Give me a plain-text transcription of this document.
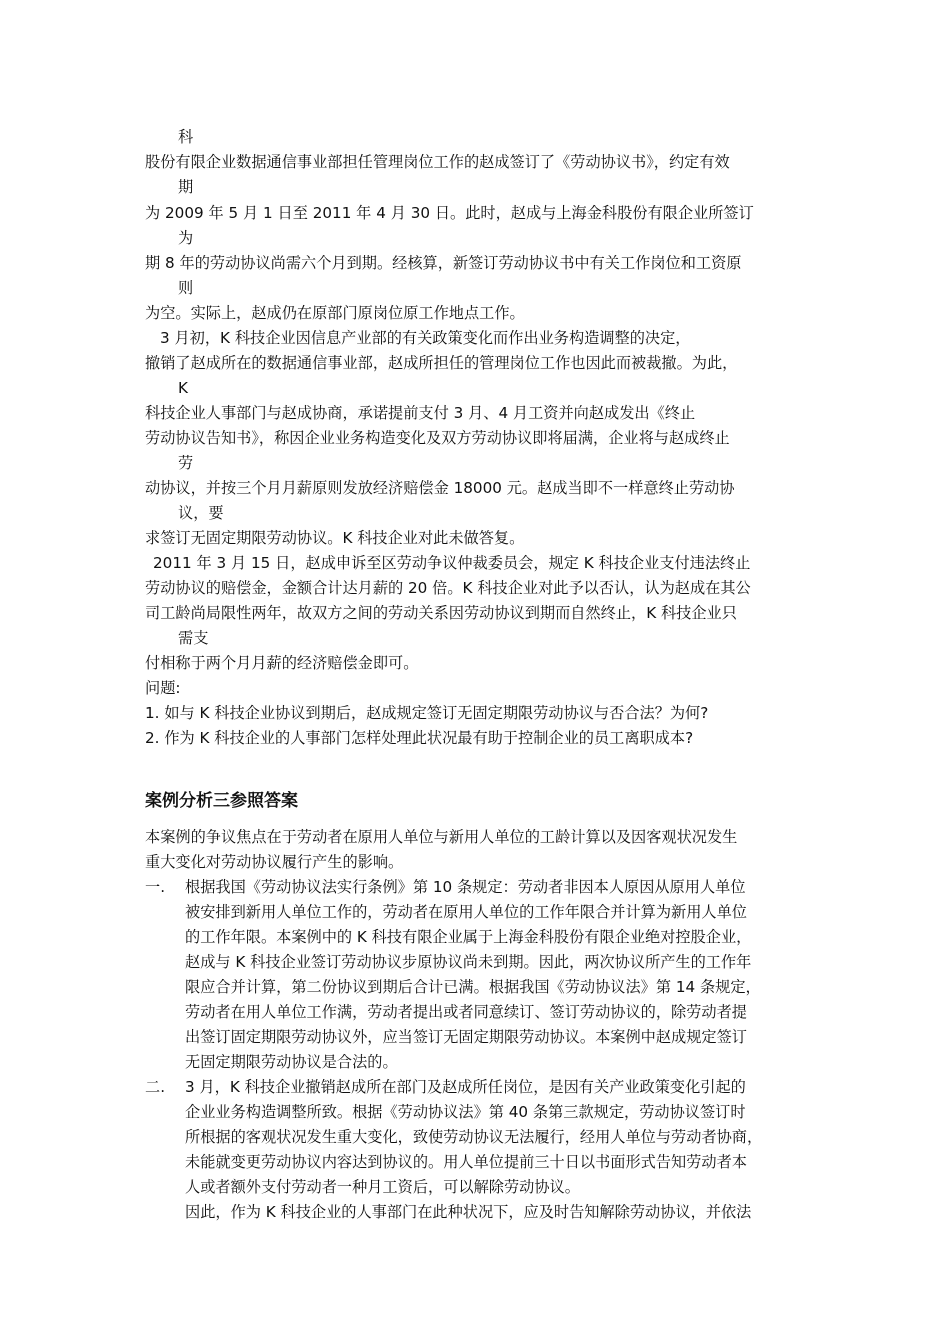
科

股份有限企业数据通信事业部担任管理岗位工作的赵成签订了《劳动协议书》，约定有效

期

为 2009 年 5 月 1 日至 2011 年 4 月 30 日。此时，赵成与上海金科股份有限企业所签订

为

期 8 年的劳动协议尚需六个月到期。经核算，新签订劳动协议书中有关工作岗位和工资原

则

为空。实际上，赵成仍在原部门原岗位原工作地点工作。

3 月初，K 科技企业因信息产业部的有关政策变化而作出业务构造调整的决定，

撤销了赵成所在的数据通信事业部，赵成所担任的管理岗位工作也因此而被裁撤。为此，

K

科技企业人事部门与赵成协商，承诺提前支付 3 月、4 月工资并向赵成发出《终止

劳动协议告知书》，称因企业业务构造变化及双方劳动协议即将届满，企业将与赵成终止

劳

动协议，并按三个月月薪原则发放经济赔偿金 18000 元。赵成当即不一样意终止劳动协

议，要

求签订无固定期限劳动协议。K 科技企业对此未做答复。

2011 年 3 月 15 日，赵成申诉至区劳动争议仲裁委员会，规定 K 科技企业支付违法终止

劳动协议的赔偿金，金额合计达月薪的 20 倍。K 科技企业对此予以否认，认为赵成在其公

司工龄尚局限性两年，故双方之间的劳动关系因劳动协议到期而自然终止，K 科技企业只

需支

付相称于两个月月薪的经济赔偿金即可。

问题:

1. 如与 K 科技企业协议到期后，赵成规定签订无固定期限劳动协议与否合法？为何?

2. 作为 K 科技企业的人事部门怎样处理此状况最有助于控制企业的员工离职成本?

案例分析三参照答案

本案例的争议焦点在于劳动者在原用人单位与新用人单位的工龄计算以及因客观状况发生

重大变化对劳动协议履行产生的影响。

一. 根据我国《劳动协议法实行条例》第 10 条规定：劳动者非因本人原因从原用人单位

被安排到新用人单位工作的，劳动者在原用人单位的工作年限合并计算为新用人单位

的工作年限。本案例中的 K 科技有限企业属于上海金科股份有限企业绝对控股企业，

赵成与 K 科技企业签订劳动协议步原协议尚未到期。因此，两次协议所产生的工作年

限应合并计算，第二份协议到期后合计已满。根据我国《劳动协议法》第 14 条规定，

劳动者在用人单位工作满，劳动者提出或者同意续订、签订劳动协议的，除劳动者提

出签订固定期限劳动协议外，应当签订无固定期限劳动协议。本案例中赵成规定签订

无固定期限劳动协议是合法的。

二. 3 月，K 科技企业撤销赵成所在部门及赵成所任岗位，是因有关产业政策变化引起的

企业业务构造调整所致。根据《劳动协议法》第 40 条第三款规定，劳动协议签订时

所根据的客观状况发生重大变化，致使劳动协议无法履行，经用人单位与劳动者协商，

未能就变更劳动协议内容达到协议的。用人单位提前三十日以书面形式告知劳动者本

人或者额外支付劳动者一种月工资后，可以解除劳动协议。

因此，作为 K 科技企业的人事部门在此种状况下，应及时告知解除劳动协议，并依法
